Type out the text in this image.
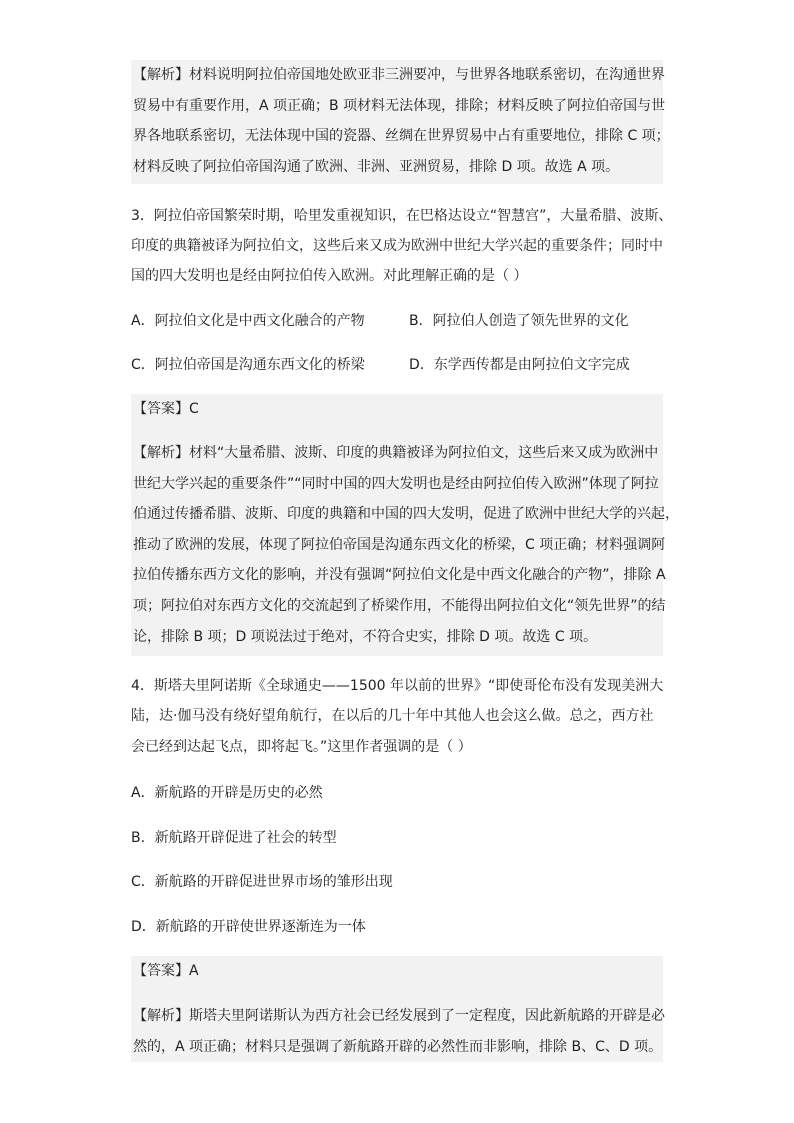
【解析】材料说明阿拉伯帝国地处欧亚非三洲要冲，与世界各地联系密切，在沟通世界
贸易中有重要作用，A 项正确；B 项材料无法体现，排除；材料反映了阿拉伯帝国与世
界各地联系密切，无法体现中国的瓷器、丝绸在世界贸易中占有重要地位，排除 C 项；
材料反映了阿拉伯帝国沟通了欧洲、非洲、亚洲贸易，排除 D 项。故选 A 项。
3．阿拉伯帝国繁荣时期，哈里发重视知识，在巴格达设立“智慧宫”，大量希腊、波斯、
印度的典籍被译为阿拉伯文，这些后来又成为欧洲中世纪大学兴起的重要条件；同时中
国的四大发明也是经由阿拉伯传入欧洲。对此理解正确的是（ ）
A．阿拉伯文化是中西文化融合的产物	B．阿拉伯人创造了领先世界的文化
C．阿拉伯帝国是沟通东西文化的桥梁	D．东学西传都是由阿拉伯文字完成
【答案】C
【解析】材料“大量希腊、波斯、印度的典籍被译为阿拉伯文，这些后来又成为欧洲中
世纪大学兴起的重要条件”“同时中国的四大发明也是经由阿拉伯传入欧洲”体现了阿拉
伯通过传播希腊、波斯、印度的典籍和中国的四大发明，促进了欧洲中世纪大学的兴起，
推动了欧洲的发展，体现了阿拉伯帝国是沟通东西文化的桥梁，C 项正确；材料强调阿
拉伯传播东西方文化的影响，并没有强调“阿拉伯文化是中西文化融合的产物”，排除 A
项；阿拉伯对东西方文化的交流起到了桥梁作用，不能得出阿拉伯文化“领先世界”的结
论，排除 B 项；D 项说法过于绝对，不符合史实，排除 D 项。故选 C 项。
4．斯塔夫里阿诺斯《全球通史——1500 年以前的世界》“即使哥伦布没有发现美洲大
陆，达·伽马没有绕好望角航行，在以后的几十年中其他人也会这么做。总之，西方社
会已经到达起飞点，即将起飞。”这里作者强调的是（ ）
A．新航路的开辟是历史的必然
B．新航路开辟促进了社会的转型
C．新航路的开辟促进世界市场的雏形出现
D．新航路的开辟使世界逐渐连为一体
【答案】A
【解析】斯塔夫里阿诺斯认为西方社会已经发展到了一定程度，因此新航路的开辟是必
然的，A 项正确；材料只是强调了新航路开辟的必然性而非影响，排除 B、C、D 项。
